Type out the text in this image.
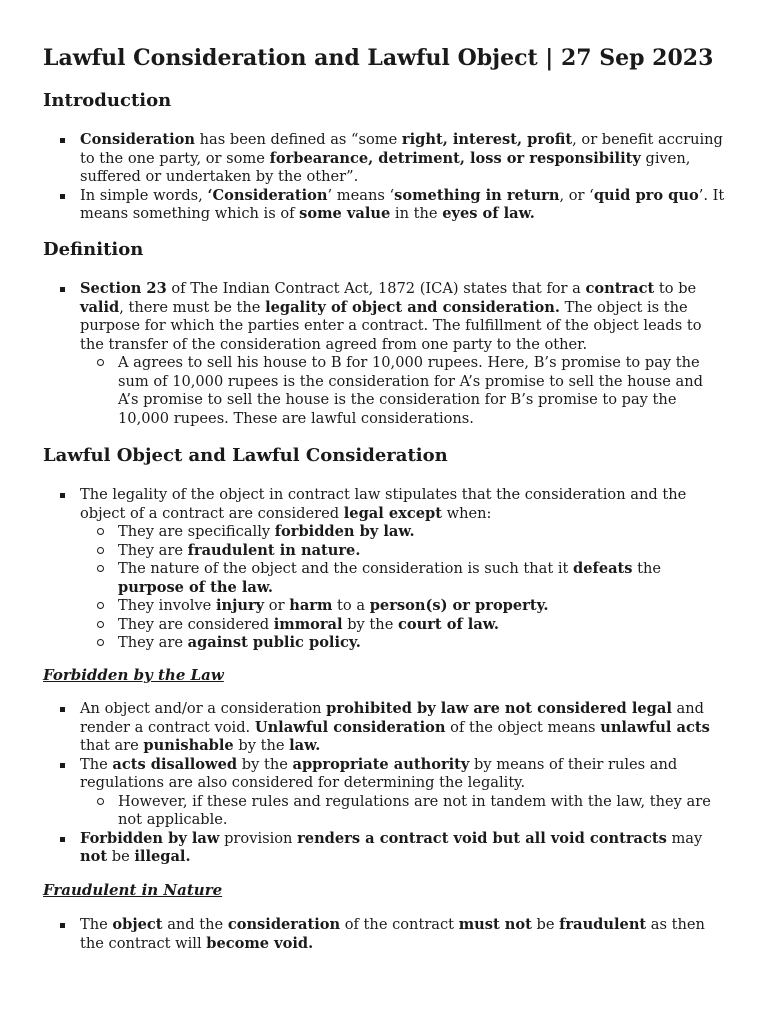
Lawful Consideration and Lawful Object | 27 Sep 2023
Introduction
Consideration has been defined as “some right, interest, profit, or benefit accruing to the one party, or some forbearance, detriment, loss or responsibility given, suffered or undertaken by the other”.
In simple words, ‘Consideration’ means ‘something in return, or ‘quid pro quo’. It means something which is of some value in the eyes of law.
Definition
Section 23 of The Indian Contract Act, 1872 (ICA) states that for a contract to be valid, there must be the legality of object and consideration. The object is the purpose for which the parties enter a contract. The fulfillment of the object leads to the transfer of the consideration agreed from one party to the other.
A agrees to sell his house to B for 10,000 rupees. Here, B’s promise to pay the sum of 10,000 rupees is the consideration for A’s promise to sell the house and A’s promise to sell the house is the consideration for B’s promise to pay the 10,000 rupees. These are lawful considerations.
Lawful Object and Lawful Consideration
The legality of the object in contract law stipulates that the consideration and the object of a contract are considered legal except when:
They are specifically forbidden by law.
They are fraudulent in nature.
The nature of the object and the consideration is such that it defeats the purpose of the law.
They involve injury or harm to a person(s) or property.
They are considered immoral by the court of law.
They are against public policy.
Forbidden by the Law
An object and/or a consideration prohibited by law are not considered legal and render a contract void. Unlawful consideration of the object means unlawful acts that are punishable by the law.
The acts disallowed by the appropriate authority by means of their rules and regulations are also considered for determining the legality.
However, if these rules and regulations are not in tandem with the law, they are not applicable.
Forbidden by law provision renders a contract void but all void contracts may not be illegal.
Fraudulent in Nature
The object and the consideration of the contract must not be fraudulent as then the contract will become void.
